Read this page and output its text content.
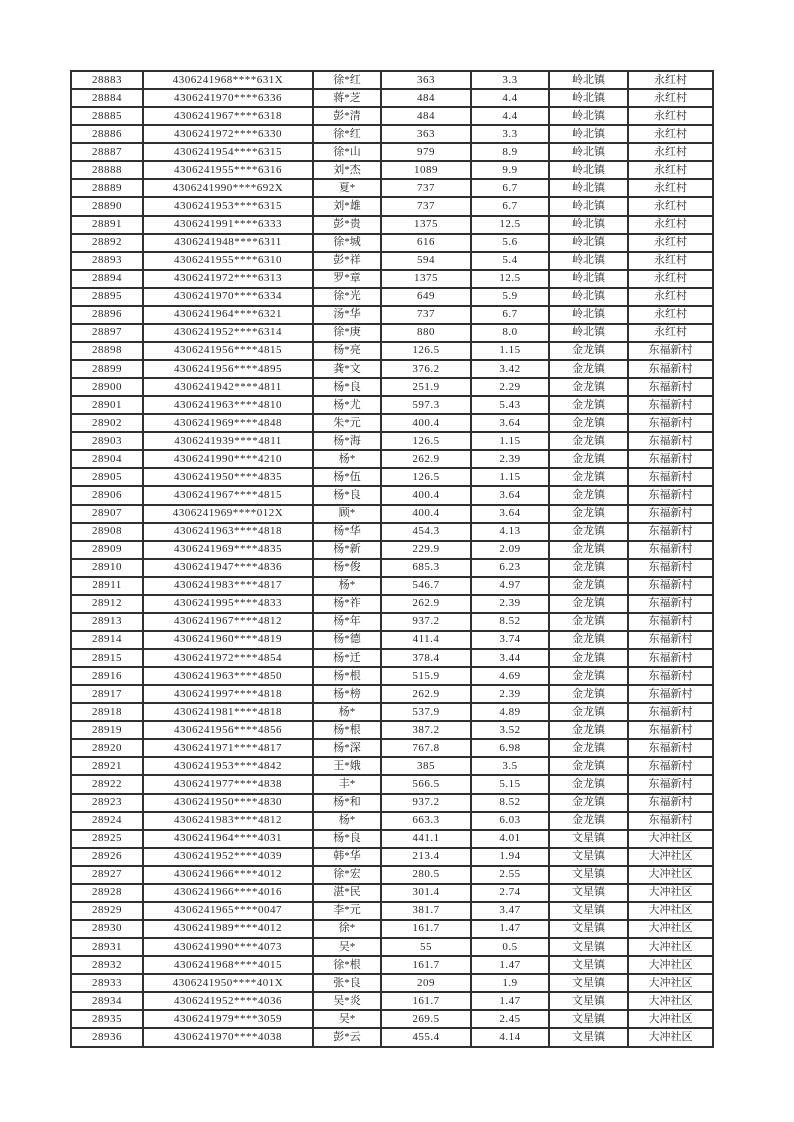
28883	4306241968****631X	徐*红	363	3.3	岭北镇	永红村
28884	4306241970****6336	蒋*芝	484	4.4	岭北镇	永红村
28885	4306241967****6318	彭*清	484	4.4	岭北镇	永红村
28886	4306241972****6330	徐*红	363	3.3	岭北镇	永红村
28887	4306241954****6315	徐*山	979	8.9	岭北镇	永红村
28888	4306241955****6316	刘*杰	1089	9.9	岭北镇	永红村
28889	4306241990****692X	夏*	737	6.7	岭北镇	永红村
28890	4306241953****6315	刘*雄	737	6.7	岭北镇	永红村
28891	4306241991****6333	彭*贵	1375	12.5	岭北镇	永红村
28892	4306241948****6311	徐*城	616	5.6	岭北镇	永红村
28893	4306241955****6310	彭*祥	594	5.4	岭北镇	永红村
28894	4306241972****6313	罗*章	1375	12.5	岭北镇	永红村
28895	4306241970****6334	徐*光	649	5.9	岭北镇	永红村
28896	4306241964****6321	汤*华	737	6.7	岭北镇	永红村
28897	4306241952****6314	徐*庚	880	8.0	岭北镇	永红村
28898	4306241956****4815	杨*亮	126.5	1.15	金龙镇	东福新村
28899	4306241956****4895	龚*文	376.2	3.42	金龙镇	东福新村
28900	4306241942****4811	杨*良	251.9	2.29	金龙镇	东福新村
28901	4306241963****4810	杨*尤	597.3	5.43	金龙镇	东福新村
28902	4306241969****4848	朱*元	400.4	3.64	金龙镇	东福新村
28903	4306241939****4811	杨*海	126.5	1.15	金龙镇	东福新村
28904	4306241990****4210	杨*	262.9	2.39	金龙镇	东福新村
28905	4306241950****4835	杨*伍	126.5	1.15	金龙镇	东福新村
28906	4306241967****4815	杨*良	400.4	3.64	金龙镇	东福新村
28907	4306241969****012X	顾*	400.4	3.64	金龙镇	东福新村
28908	4306241963****4818	杨*华	454.3	4.13	金龙镇	东福新村
28909	4306241969****4835	杨*新	229.9	2.09	金龙镇	东福新村
28910	4306241947****4836	杨*俊	685.3	6.23	金龙镇	东福新村
28911	4306241983****4817	杨*	546.7	4.97	金龙镇	东福新村
28912	4306241995****4833	杨*祚	262.9	2.39	金龙镇	东福新村
28913	4306241967****4812	杨*年	937.2	8.52	金龙镇	东福新村
28914	4306241960****4819	杨*德	411.4	3.74	金龙镇	东福新村
28915	4306241972****4854	杨*迁	378.4	3.44	金龙镇	东福新村
28916	4306241963****4850	杨*根	515.9	4.69	金龙镇	东福新村
28917	4306241997****4818	杨*榜	262.9	2.39	金龙镇	东福新村
28918	4306241981****4818	杨*	537.9	4.89	金龙镇	东福新村
28919	4306241956****4856	杨*根	387.2	3.52	金龙镇	东福新村
28920	4306241971****4817	杨*深	767.8	6.98	金龙镇	东福新村
28921	4306241953****4842	王*娥	385	3.5	金龙镇	东福新村
28922	4306241977****4838	丰*	566.5	5.15	金龙镇	东福新村
28923	4306241950****4830	杨*和	937.2	8.52	金龙镇	东福新村
28924	4306241983****4812	杨*	663.3	6.03	金龙镇	东福新村
28925	4306241964****4031	杨*良	441.1	4.01	文星镇	大冲社区
28926	4306241952****4039	韩*华	213.4	1.94	文星镇	大冲社区
28927	4306241966****4012	徐*宏	280.5	2.55	文星镇	大冲社区
28928	4306241966****4016	湛*民	301.4	2.74	文星镇	大冲社区
28929	4306241965****0047	李*元	381.7	3.47	文星镇	大冲社区
28930	4306241989****4012	徐*	161.7	1.47	文星镇	大冲社区
28931	4306241990****4073	吴*	55	0.5	文星镇	大冲社区
28932	4306241968****4015	徐*根	161.7	1.47	文星镇	大冲社区
28933	4306241950****401X	张*良	209	1.9	文星镇	大冲社区
28934	4306241952****4036	吴*炎	161.7	1.47	文星镇	大冲社区
28935	4306241979****3059	吴*	269.5	2.45	文星镇	大冲社区
28936	4306241970****4038	彭*云	455.4	4.14	文星镇	大冲社区
